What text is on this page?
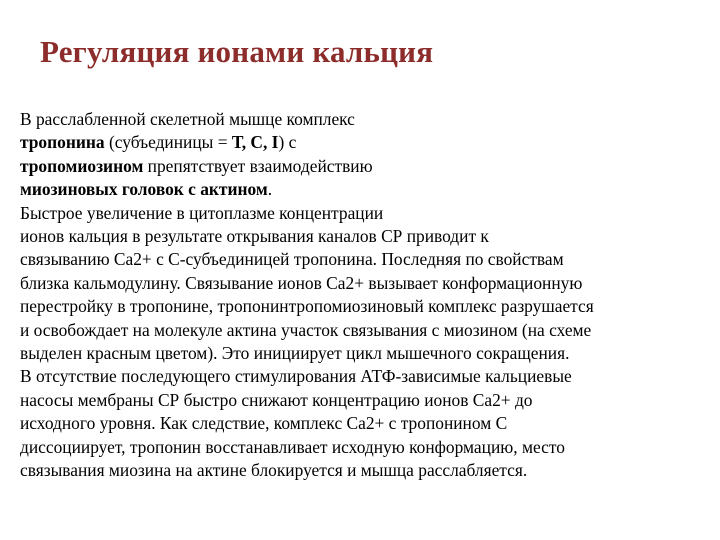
Регуляция ионами кальция
В расслабленной скелетной мышце комплекс
тропонина (субъединицы = Т, С, I) с
тропомиозином препятствует взаимодействию
миозиновых головок с актином.
Быстрое увеличение в цитоплазме концентрации
ионов кальция в результате открывания каналов СР приводит к
связыванию Са2+ с С-субъединицей тропонина. Последняя по свойствам
близка кальмодулину. Связывание ионов Са2+ вызывает конформационную
перестройку в тропонине, тропонинтропомиозиновый комплекс разрушается
и освобождает на молекуле актина участок связывания с миозином (на схеме
выделен красным цветом). Это инициирует цикл мышечного сокращения.
В отсутствие последующего стимулирования АТФ-зависимые кальциевые
насосы мембраны СР быстро снижают концентрацию ионов Са2+ до
исходного уровня. Как следствие, комплекс Са2+ с тропонином С
диссоциирует, тропонин восстанавливает исходную конформацию, место
связывания миозина на актине блокируется и мышца расслабляется.
